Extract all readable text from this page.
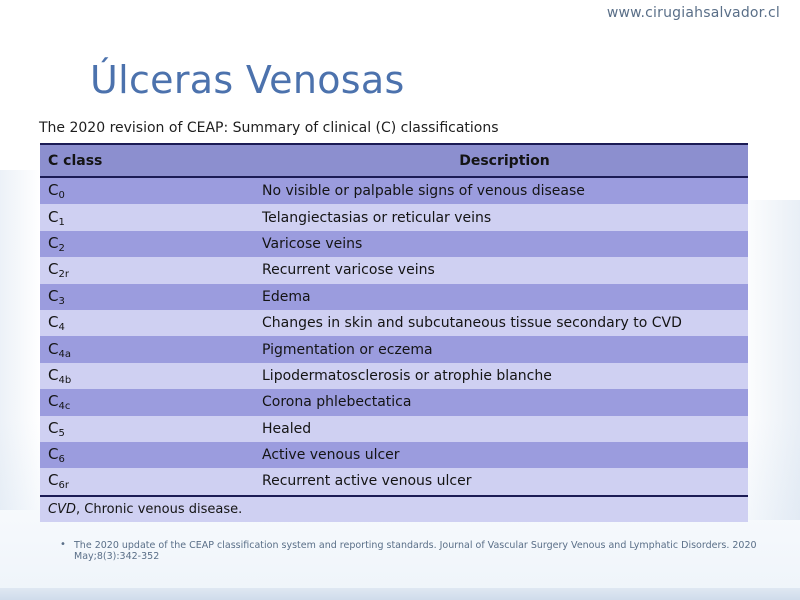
www.cirugiahsalvador.cl
Úlceras Venosas
The 2020 revision of CEAP: Summary of clinical (C) classifications
C class	Description
$C_0$	No visible or palpable signs of venous disease
$C_1$	Telangiectasias or reticular veins
$C_2$	Varicose veins
$C_{2r}$	Recurrent varicose veins
$C_3$	Edema
$C_4$	Changes in skin and subcutaneous tissue secondary to CVD
$C_{4a}$	Pigmentation or eczema
$C_{4b}$	Lipodermatosclerosis or atrophie blanche
$C_{4c}$	Corona phlebectatica
$C_5$	Healed
$C_6$	Active venous ulcer
$C_{6r}$	Recurrent active venous ulcer
CVD, Chronic venous disease.	
• The 2020 update of the CEAP classification system and reporting standards. Journal of Vascular Surgery Venous and Lymphatic Disorders. 2020 May;8(3):342-352
